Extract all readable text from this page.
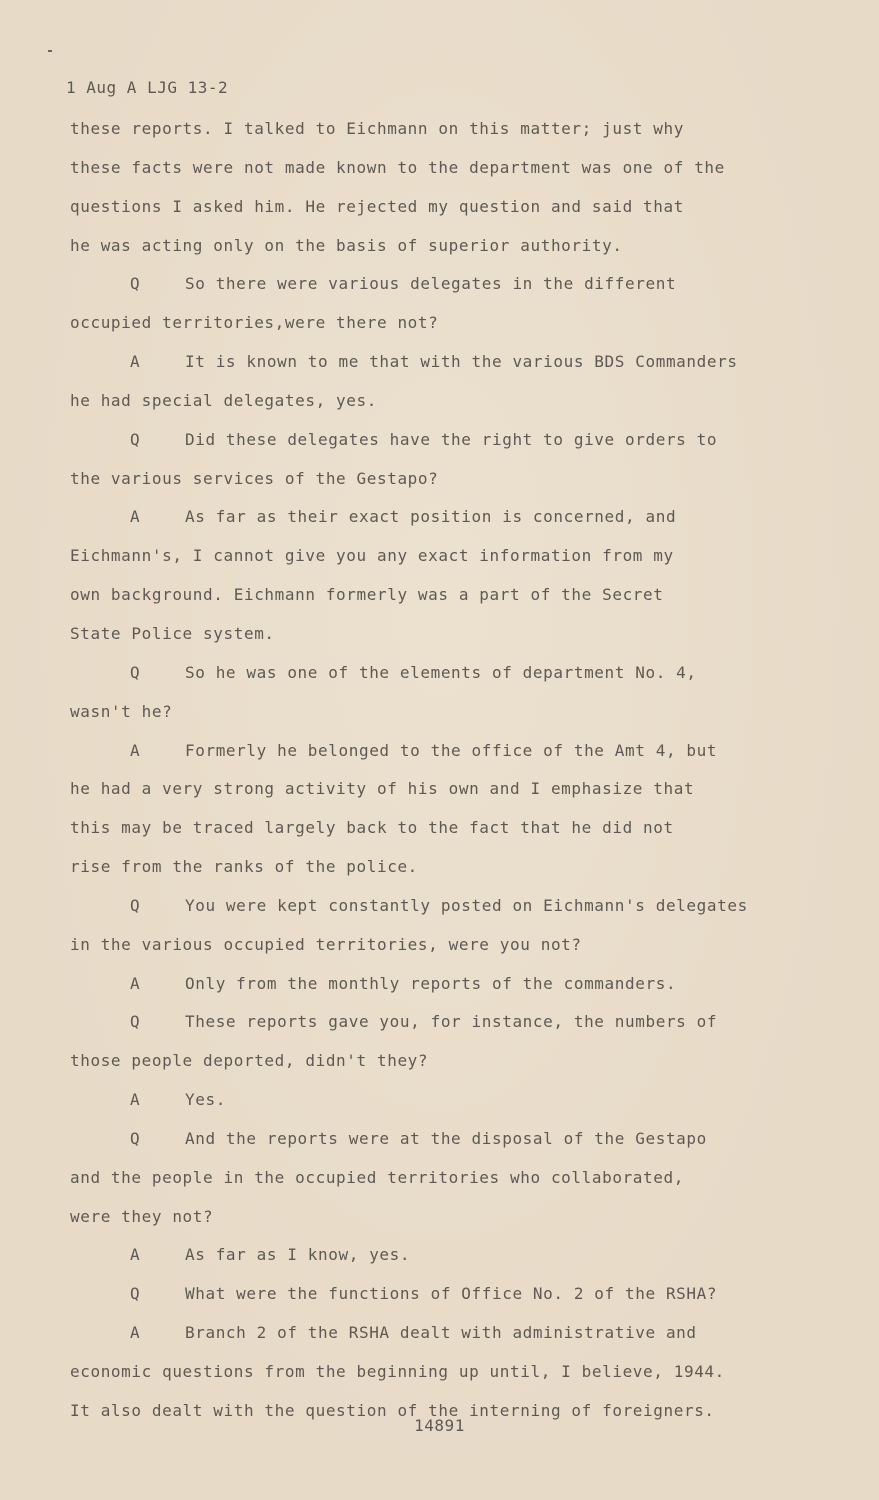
1 Aug A LJG 13-2
these reports. I talked to Eichmann on this matter; just why
these facts were not made known to the department was one of the
questions I asked him. He rejected my question and said that
he was acting only on the basis of superior authority.
Q	So there were various delegates in the different
occupied territories,were there not?
A	It is known to me that with the various BDS Commanders
he had special delegates, yes.
Q	Did these delegates have the right to give orders to
the various services of the Gestapo?
A	As far as their exact position is concerned, and
Eichmann's, I cannot give you any exact information from my
own background. Eichmann formerly was a part of the Secret
State Police system.
Q	So he was one of the elements of department No. 4,
wasn't he?
A	Formerly he belonged to the office of the Amt 4, but
he had a very strong activity of his own and I emphasize that
this may be traced largely back to the fact that he did not
rise from the ranks of the police.
Q	You were kept constantly posted on Eichmann's delegates
in the various occupied territories, were you not?
A	Only from the monthly reports of the commanders.
Q	These reports gave you, for instance, the numbers of
those people deported, didn't they?
A	Yes.
Q	And the reports were at the disposal of the Gestapo
and the people in the occupied territories who collaborated,
were they not?
A	As far as I know, yes.
Q	What were the functions of Office No. 2 of the RSHA?
A	Branch 2 of the RSHA dealt with administrative and
economic questions from the beginning up until, I believe, 1944.
It also dealt with the question of the interning of foreigners.
14891
